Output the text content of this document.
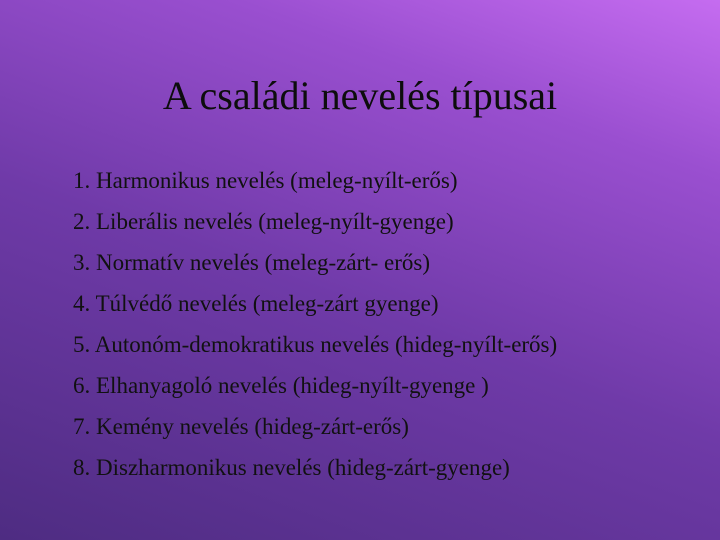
A családi nevelés típusai
1. Harmonikus nevelés (meleg-nyílt-erős)
2. Liberális nevelés (meleg-nyílt-gyenge)
3. Normatív nevelés (meleg-zárt- erős)
4. Túlvédő nevelés (meleg-zárt gyenge)
5. Autonóm-demokratikus nevelés (hideg-nyílt-erős)
6. Elhanyagoló nevelés (hideg-nyílt-gyenge )
7. Kemény nevelés (hideg-zárt-erős)
8. Diszharmonikus nevelés (hideg-zárt-gyenge)
